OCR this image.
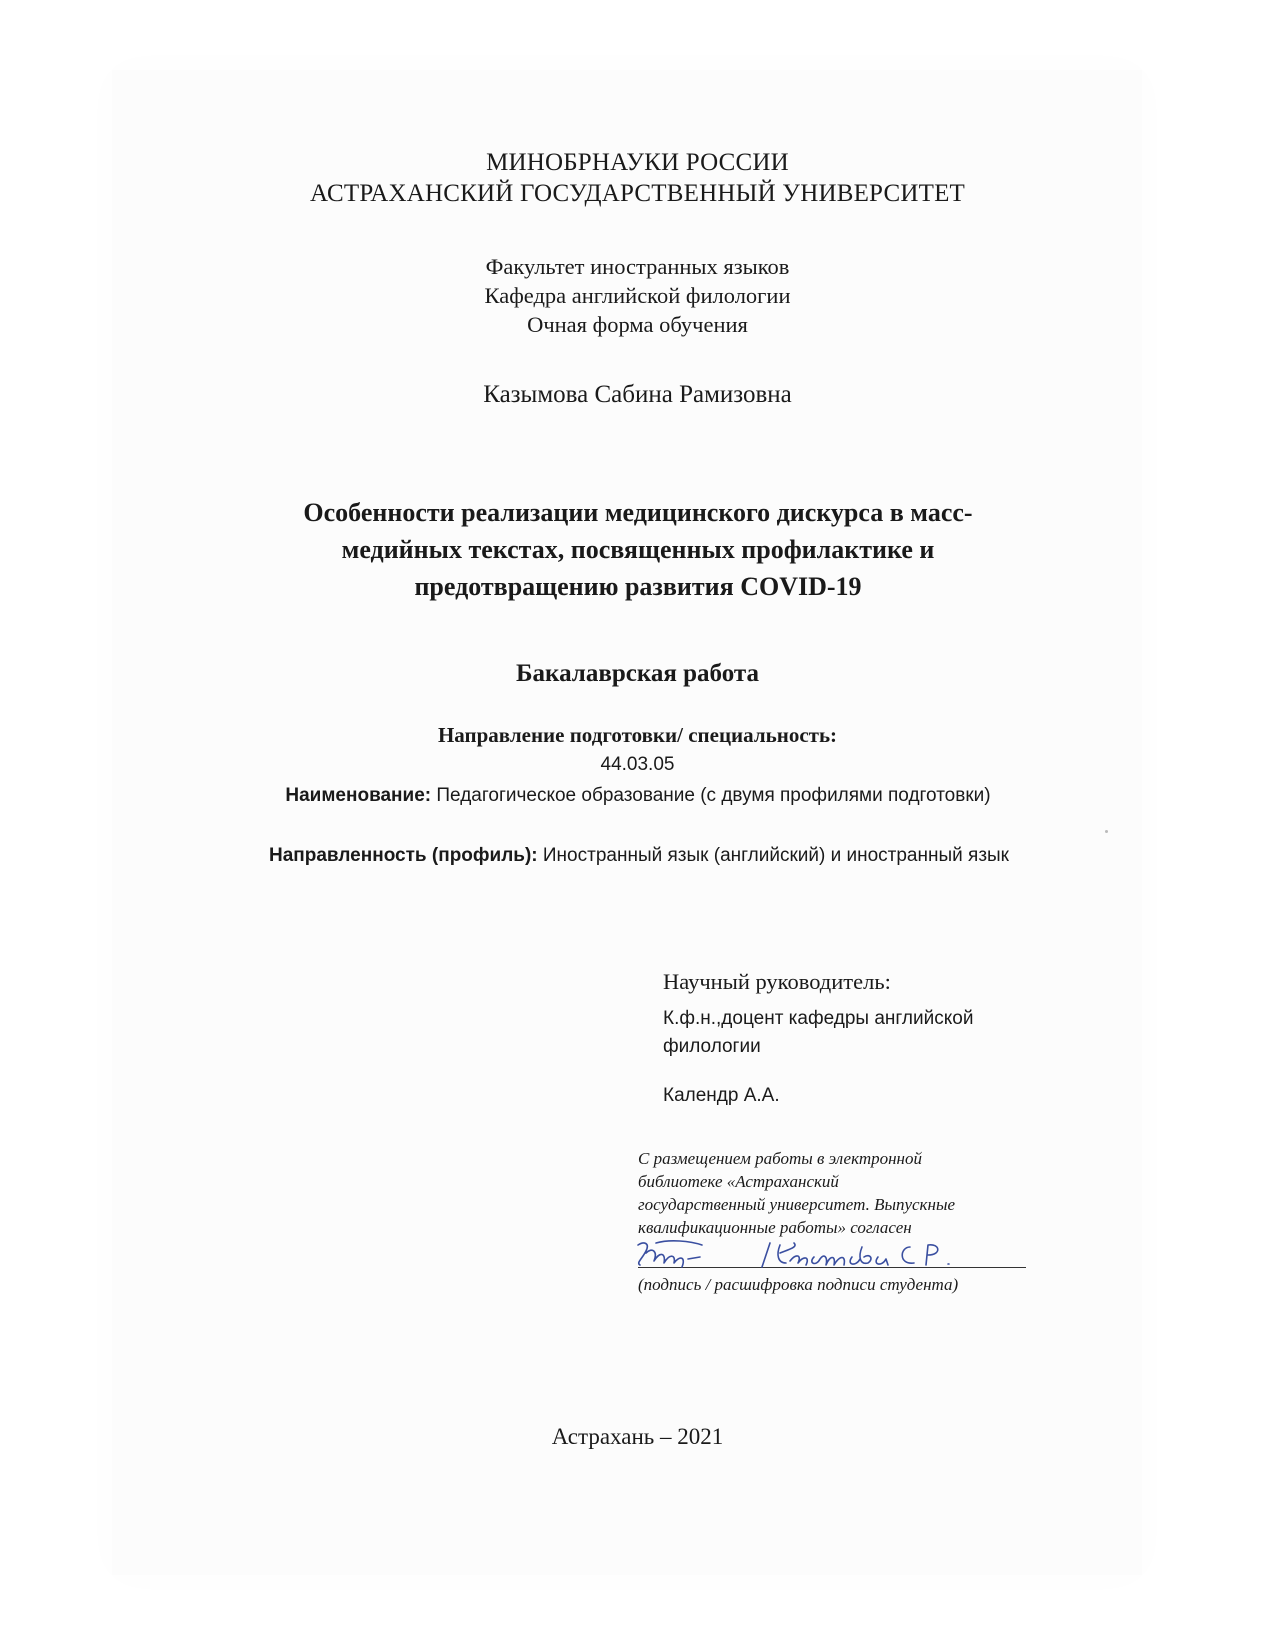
МИНОБРНАУКИ РОССИИ
АСТРАХАНСКИЙ ГОСУДАРСТВЕННЫЙ УНИВЕРСИТЕТ
Факультет иностранных языков
Кафедра английской филологии
Очная форма обучения
Казымова Сабина Рамизовна
Особенности реализации медицинского дискурса в масс-
медийных текстах, посвященных профилактике и
предотвращению развития COVID-19
Бакалаврская работа
Направление подготовки/ специальность:
44.03.05
Наименование: Педагогическое образование (с двумя профилями подготовки)
Направленность (профиль): Иностранный язык (английский) и иностранный язык
Научный руководитель:
К.ф.н.,доцент кафедры английской филологии
Календр А.А.
С размещением работы в электронной
библиотеке «Астраханский
государственный университет. Выпускные
квалификационные работы» согласен
(подпись / расшифровка подписи студента)
Астрахань – 2021
